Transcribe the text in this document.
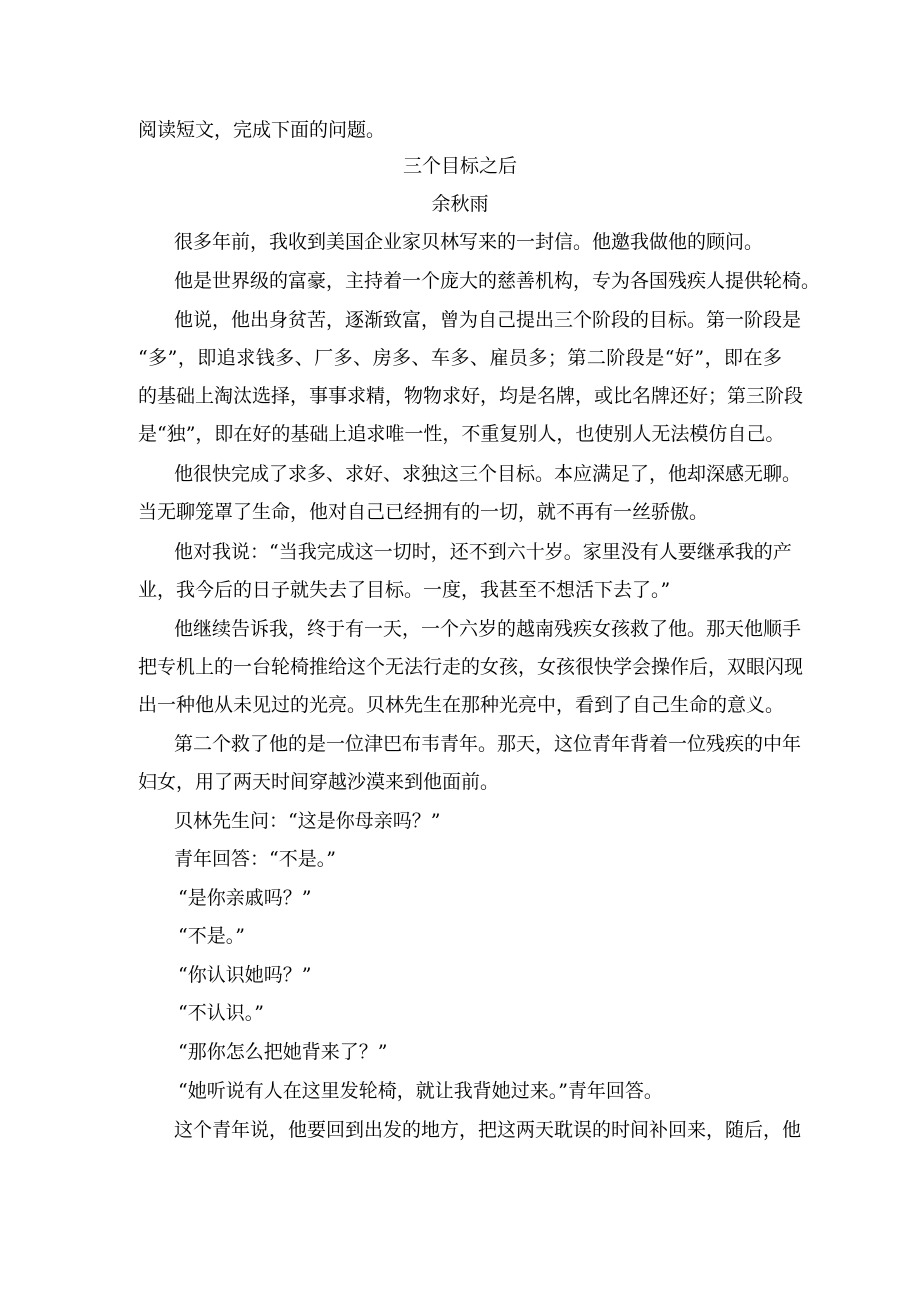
阅读短文，完成下面的问题。
三个目标之后
余秋雨
很多年前，我收到美国企业家贝林写来的一封信。他邀我做他的顾问。
他是世界级的富豪，主持着一个庞大的慈善机构，专为各国残疾人提供轮椅。
他说，他出身贫苦，逐渐致富，曾为自己提出三个阶段的目标。第一阶段是
“多”，即追求钱多、厂多、房多、车多、雇员多；第二阶段是“好”，即在多
的基础上淘汰选择，事事求精，物物求好，均是名牌，或比名牌还好；第三阶段
是“独”，即在好的基础上追求唯一性，不重复别人，也使别人无法模仿自己。
他很快完成了求多、求好、求独这三个目标。本应满足了，他却深感无聊。
当无聊笼罩了生命，他对自己已经拥有的一切，就不再有一丝骄傲。
他对我说：“当我完成这一切时，还不到六十岁。家里没有人要继承我的产
业，我今后的日子就失去了目标。一度，我甚至不想活下去了。”
他继续告诉我，终于有一天，一个六岁的越南残疾女孩救了他。那天他顺手
把专机上的一台轮椅推给这个无法行走的女孩，女孩很快学会操作后，双眼闪现
出一种他从未见过的光亮。贝林先生在那种光亮中，看到了自己生命的意义。
第二个救了他的是一位津巴布韦青年。那天，这位青年背着一位残疾的中年
妇女，用了两天时间穿越沙漠来到他面前。
贝林先生问：“这是你母亲吗？”
青年回答：“不是。”
“是你亲戚吗？”
“不是。”
“你认识她吗？”
“不认识。”
“那你怎么把她背来了？”
“她听说有人在这里发轮椅，就让我背她过来。”青年回答。
这个青年说，他要回到出发的地方，把这两天耽误的时间补回来，随后，他
